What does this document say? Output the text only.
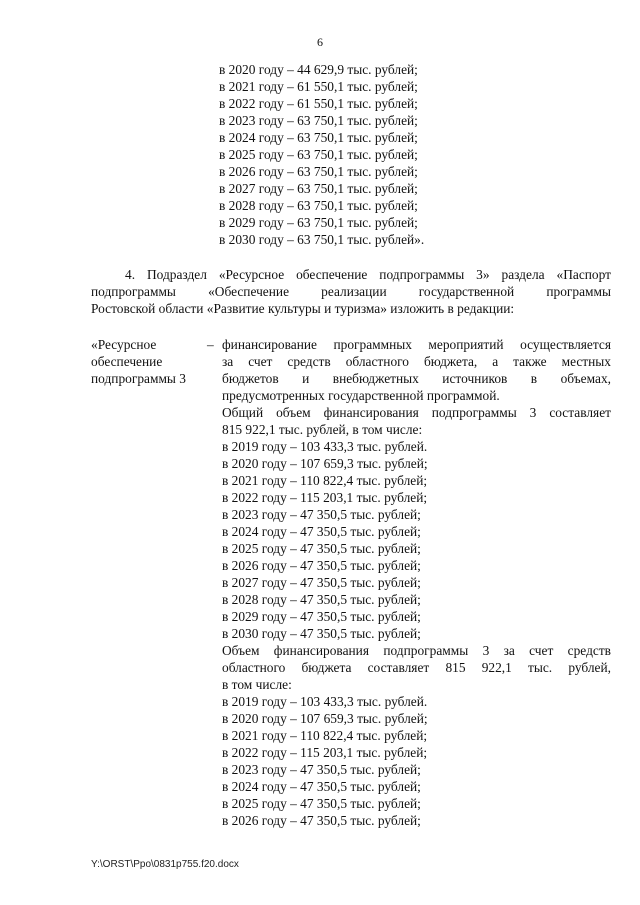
6
в 2020 году – 44 629,9 тыс. рублей;
в 2021 году – 61 550,1 тыс. рублей;
в 2022 году – 61 550,1 тыс. рублей;
в 2023 году – 63 750,1 тыс. рублей;
в 2024 году – 63 750,1 тыс. рублей;
в 2025 году – 63 750,1 тыс. рублей;
в 2026 году – 63 750,1 тыс. рублей;
в 2027 году – 63 750,1 тыс. рублей;
в 2028 году – 63 750,1 тыс. рублей;
в 2029 году – 63 750,1 тыс. рублей;
в 2030 году – 63 750,1 тыс. рублей».
4. Подраздел «Ресурсное обеспечение подпрограммы 3» раздела «Паспорт
подпрограммы «Обеспечение реализации государственной программы
Ростовской области «Развитие культуры и туризма» изложить в редакции:
«Ресурсное
обеспечение
подпрограммы 3
– финансирование программных мероприятий осуществляется
за счет средств областного бюджета, а также местных
бюджетов и внебюджетных источников в объемах,
предусмотренных государственной программой.
Общий объем финансирования подпрограммы 3 составляет
815 922,1 тыс. рублей, в том числе:
в 2019 году – 103 433,3 тыс. рублей.
в 2020 году – 107 659,3 тыс. рублей;
в 2021 году – 110 822,4 тыс. рублей;
в 2022 году – 115 203,1 тыс. рублей;
в 2023 году – 47 350,5 тыс. рублей;
в 2024 году – 47 350,5 тыс. рублей;
в 2025 году – 47 350,5 тыс. рублей;
в 2026 году – 47 350,5 тыс. рублей;
в 2027 году – 47 350,5 тыс. рублей;
в 2028 году – 47 350,5 тыс. рублей;
в 2029 году – 47 350,5 тыс. рублей;
в 2030 году – 47 350,5 тыс. рублей;
Объем финансирования подпрограммы 3 за счет средств
областного бюджета составляет 815 922,1 тыс. рублей,
в том числе:
в 2019 году – 103 433,3 тыс. рублей.
в 2020 году – 107 659,3 тыс. рублей;
в 2021 году – 110 822,4 тыс. рублей;
в 2022 году – 115 203,1 тыс. рублей;
в 2023 году – 47 350,5 тыс. рублей;
в 2024 году – 47 350,5 тыс. рублей;
в 2025 году – 47 350,5 тыс. рублей;
в 2026 году – 47 350,5 тыс. рублей;
Y:\ORST\Ppo\0831p755.f20.docx
